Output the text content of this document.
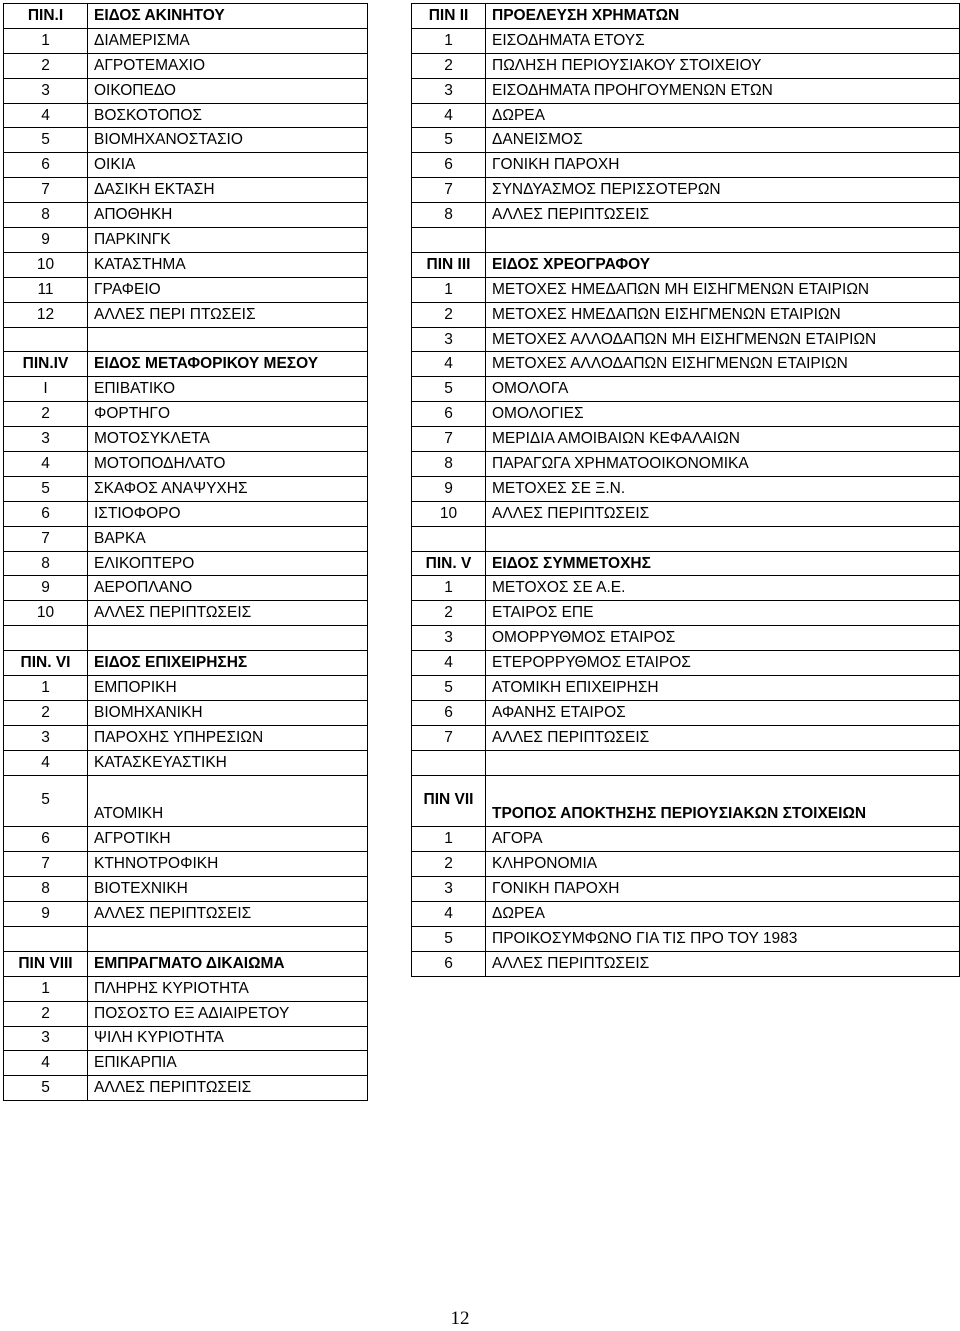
ΠΙΝ.I	ΕΙΔΟΣ ΑΚΙΝΗΤΟΥ
1	ΔΙΑΜΕΡΙΣΜΑ
2	ΑΓΡΟΤΕΜΑΧΙΟ
3	ΟΙΚΟΠΕΔΟ
4	ΒΟΣΚΟΤΟΠΟΣ
5	ΒΙΟΜΗΧΑΝΟΣΤΑΣΙΟ
6	ΟΙΚΙΑ
7	ΔΑΣΙΚΗ ΕΚΤΑΣΗ
8	ΑΠΟΘΗΚΗ
9	ΠΑΡΚΙΝΓΚ
10	ΚΑΤΑΣΤΗΜΑ
11	ΓΡΑΦΕΙΟ
12	ΑΛΛΕΣ ΠΕΡΙ ΠΤΩΣΕΙΣ

ΠΙΝ.IV	ΕΙΔΟΣ ΜΕΤΑΦΟΡΙΚΟΥ ΜΕΣΟΥ
I	ΕΠΙΒΑΤΙΚΟ
2	ΦΟΡΤΗΓΟ
3	ΜΟΤΟΣΥΚΛΕΤΑ
4	ΜΟΤΟΠΟΔΗΛΑΤΟ
5	ΣΚΑΦΟΣ ΑΝΑΨΥΧΗΣ
6	ΙΣΤΙΟΦΟΡΟ
7	ΒΑΡΚΑ
8	ΕΛΙΚΟΠΤΕΡΟ
9	ΑΕΡΟΠΛΑΝΟ
10	ΑΛΛΕΣ ΠΕΡΙΠΤΩΣΕΙΣ

ΠΙΝ. VI	ΕΙΔΟΣ ΕΠΙΧΕΙΡΗΣΗΣ
1	ΕΜΠΟΡΙΚΗ
2	ΒΙΟΜΗΧΑΝΙΚΗ
3	ΠΑΡΟΧΗΣ ΥΠΗΡΕΣΙΩΝ
4	ΚΑΤΑΣΚΕΥΑΣΤΙΚΗ
5	ΑΤΟΜΙΚΗ
6	ΑΓΡΟΤΙΚΗ
7	ΚΤΗΝΟΤΡΟΦΙΚΗ
8	ΒΙΟΤΕΧΝΙΚΗ
9	ΑΛΛΕΣ ΠΕΡΙΠΤΩΣΕΙΣ

ΠΙΝ VIII	ΕΜΠΡΑΓΜΑΤΟ ΔΙΚΑΙΩΜΑ
1	ΠΛΗΡΗΣ ΚΥΡΙΟΤΗΤΑ
2	ΠΟΣΟΣΤΟ ΕΞ ΑΔΙΑΙΡΕΤΟΥ
3	ΨΙΛΗ ΚΥΡΙΟΤΗΤΑ
4	ΕΠΙΚΑΡΠΙΑ
5	ΑΛΛΕΣ ΠΕΡΙΠΤΩΣΕΙΣ
ΠΙΝ II	ΠΡΟΕΛΕΥΣΗ ΧΡΗΜΑΤΩΝ
1	ΕΙΣΟΔΗΜΑΤΑ ΕΤΟΥΣ
2	ΠΩΛΗΣΗ ΠΕΡΙΟΥΣΙΑΚΟΥ ΣΤΟΙΧΕΙΟΥ
3	ΕΙΣΟΔΗΜΑΤΑ ΠΡΟΗΓΟΥΜΕΝΩΝ ΕΤΩΝ
4	ΔΩΡΕΑ
5	ΔΑΝΕΙΣΜΟΣ
6	ΓΟΝΙΚΗ ΠΑΡΟΧΗ
7	ΣΥΝΔΥΑΣΜΟΣ ΠΕΡΙΣΣΟΤΕΡΩΝ
8	ΑΛΛΕΣ ΠΕΡΙΠΤΩΣΕΙΣ

ΠΙΝ III	ΕΙΔΟΣ ΧΡΕΟΓΡΑΦΟΥ
1	ΜΕΤΟΧΕΣ ΗΜΕΔΑΠΩΝ ΜΗ ΕΙΣΗΓΜΕΝΩΝ ΕΤΑΙΡΙΩΝ
2	ΜΕΤΟΧΕΣ ΗΜΕΔΑΠΩΝ ΕΙΣΗΓΜΕΝΩΝ ΕΤΑΙΡΙΩΝ
3	ΜΕΤΟΧΕΣ ΑΛΛΟΔΑΠΩΝ ΜΗ ΕΙΣΗΓΜΕΝΩΝ ΕΤΑΙΡΙΩΝ
4	ΜΕΤΟΧΕΣ ΑΛΛΟΔΑΠΩΝ ΕΙΣΗΓΜΕΝΩΝ ΕΤΑΙΡΙΩΝ
5	ΟΜΟΛΟΓΑ
6	ΟΜΟΛΟΓΙΕΣ
7	ΜΕΡΙΔΙΑ ΑΜΟΙΒΑΙΩΝ ΚΕΦΑΛΑΙΩΝ
8	ΠΑΡΑΓΩΓΑ ΧΡΗΜΑΤΟΟΙΚΟΝΟΜΙΚΑ
9	ΜΕΤΟΧΕΣ ΣΕ Ξ.Ν.
10	ΑΛΛΕΣ ΠΕΡΙΠΤΩΣΕΙΣ

ΠΙΝ. V	ΕΙΔΟΣ ΣΥΜΜΕΤΟΧΗΣ
1	ΜΕΤΟΧΟΣ ΣΕ Α.Ε.
2	ΕΤΑΙΡΟΣ ΕΠΕ
3	ΟΜΟΡΡΥΘΜΟΣ ΕΤΑΙΡΟΣ
4	ΕΤΕΡΟΡΡΥΘΜΟΣ ΕΤΑΙΡΟΣ
5	ΑΤΟΜΙΚΗ ΕΠΙΧΕΙΡΗΣΗ
6	ΑΦΑΝΗΣ ΕΤΑΙΡΟΣ
7	ΑΛΛΕΣ ΠΕΡΙΠΤΩΣΕΙΣ

ΠΙΝ VII	ΤΡΟΠΟΣ ΑΠΟΚΤΗΣΗΣ ΠΕΡΙΟΥΣΙΑΚΩΝ ΣΤΟΙΧΕΙΩΝ
1	ΑΓΟΡΑ
2	ΚΛΗΡΟΝΟΜΙΑ
3	ΓΟΝΙΚΗ ΠΑΡΟΧΗ
4	ΔΩΡΕΑ
5	ΠΡΟΙΚΟΣΥΜΦΩΝΟ ΓΙΑ ΤΙΣ ΠΡΟ ΤΟΥ 1983
6	ΑΛΛΕΣ ΠΕΡΙΠΤΩΣΕΙΣ
12
